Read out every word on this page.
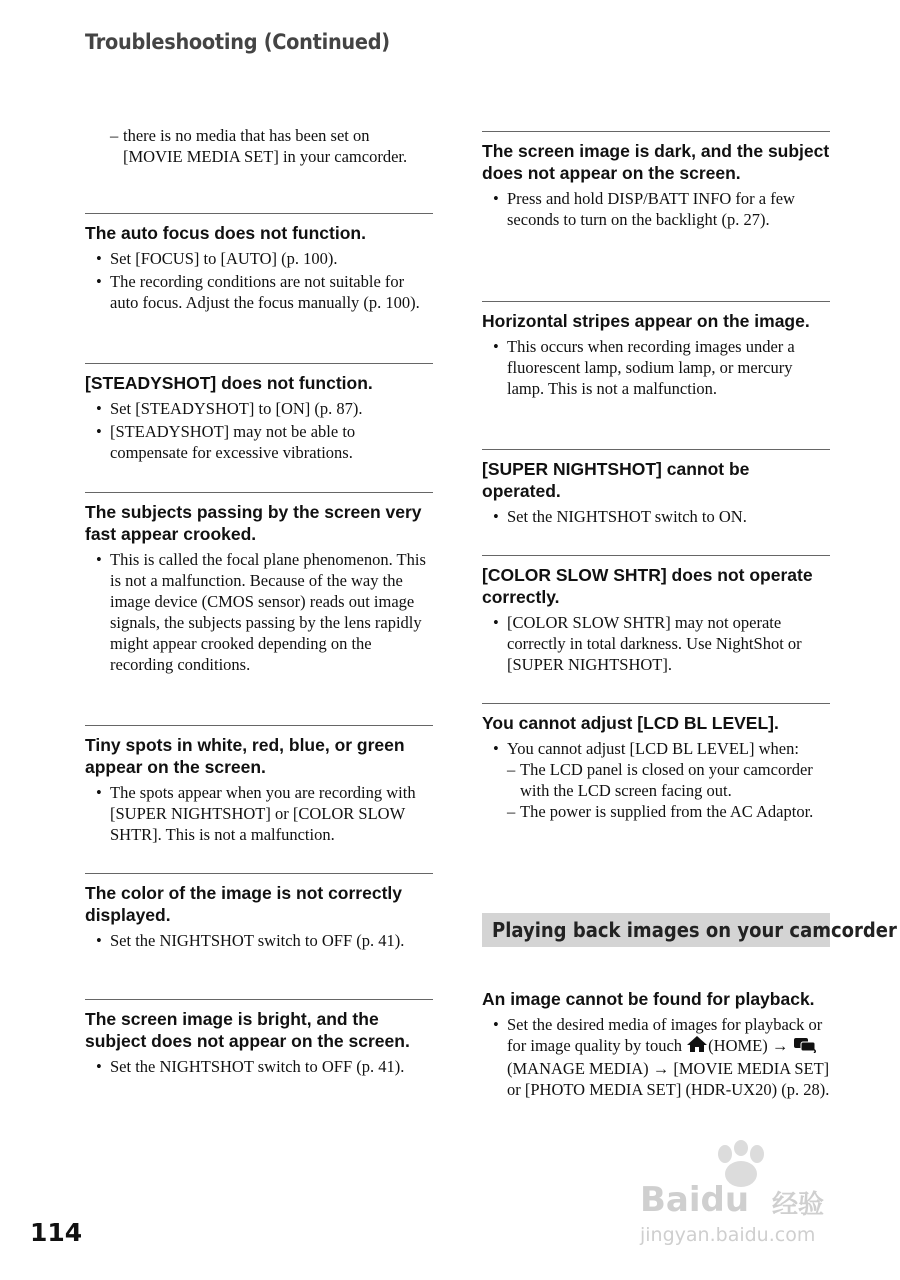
Troubleshooting (Continued)
– there is no media that has been set on [MOVIE MEDIA SET] in your camcorder.
The auto focus does not function.
• Set [FOCUS] to [AUTO] (p. 100).
• The recording conditions are not suitable for auto focus. Adjust the focus manually (p. 100).
[STEADYSHOT] does not function.
• Set [STEADYSHOT] to [ON] (p. 87).
• [STEADYSHOT] may not be able to compensate for excessive vibrations.
The subjects passing by the screen very fast appear crooked.
• This is called the focal plane phenomenon. This is not a malfunction. Because of the way the image device (CMOS sensor) reads out image signals, the subjects passing by the lens rapidly might appear crooked depending on the recording conditions.
Tiny spots in white, red, blue, or green appear on the screen.
• The spots appear when you are recording with [SUPER NIGHTSHOT] or [COLOR SLOW SHTR]. This is not a malfunction.
The color of the image is not correctly displayed.
• Set the NIGHTSHOT switch to OFF (p. 41).
The screen image is bright, and the subject does not appear on the screen.
• Set the NIGHTSHOT switch to OFF (p. 41).
The screen image is dark, and the subject does not appear on the screen.
• Press and hold DISP/BATT INFO for a few seconds to turn on the backlight (p. 27).
Horizontal stripes appear on the image.
• This occurs when recording images under a fluorescent lamp, sodium lamp, or mercury lamp. This is not a malfunction.
[SUPER NIGHTSHOT] cannot be operated.
• Set the NIGHTSHOT switch to ON.
[COLOR SLOW SHTR] does not operate correctly.
• [COLOR SLOW SHTR] may not operate correctly in total darkness. Use NightShot or [SUPER NIGHTSHOT].
You cannot adjust [LCD BL LEVEL].
• You cannot adjust [LCD BL LEVEL] when:
– The LCD panel is closed on your camcorder with the LCD screen facing out.
– The power is supplied from the AC Adaptor.
Playing back images on your camcorder
An image cannot be found for playback.
• Set the desired media of images for playback or for image quality by touch (HOME) → (MANAGE MEDIA) → [MOVIE MEDIA SET] or [PHOTO MEDIA SET] (HDR-UX20) (p. 28).
114
Baidu 经验
jingyan.baidu.com
